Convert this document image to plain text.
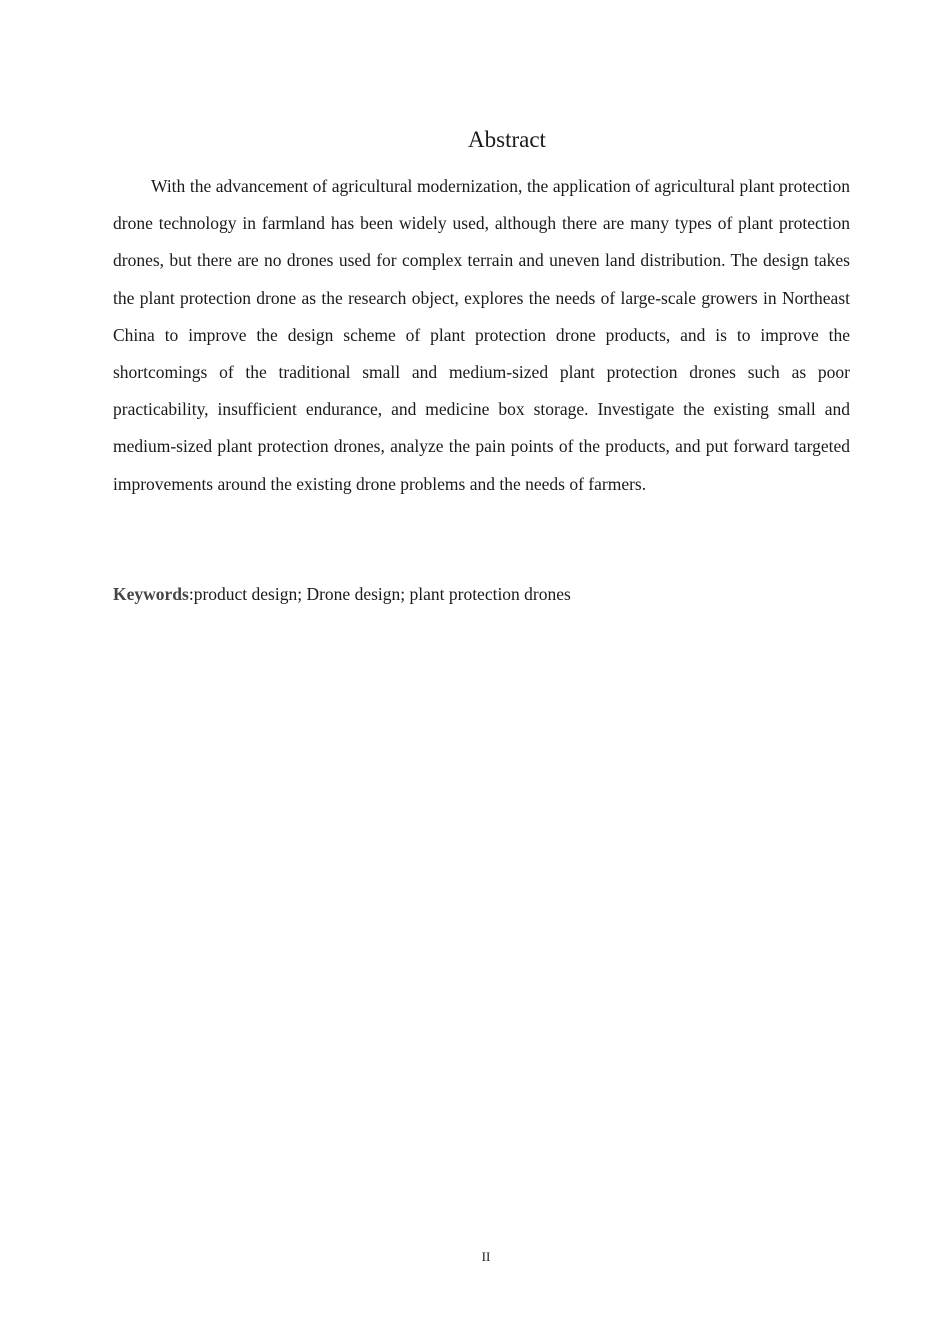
Abstract

With the advancement of agricultural modernization, the application of agricultural plant protection drone technology in farmland has been widely used, although there are many types of plant protection drones, but there are no drones used for complex terrain and uneven land distribution. The design takes the plant protection drone as the research object, explores the needs of large-scale growers in Northeast China to improve the design scheme of plant protection drone products, and is to improve the shortcomings of the traditional small and medium-sized plant protection drones such as poor practicability, insufficient endurance, and medicine box storage. Investigate the existing small and medium-sized plant protection drones, analyze the pain points of the products, and put forward targeted improvements around the existing drone problems and the needs of farmers.

Keywords:product design; Drone design; plant protection drones

II
